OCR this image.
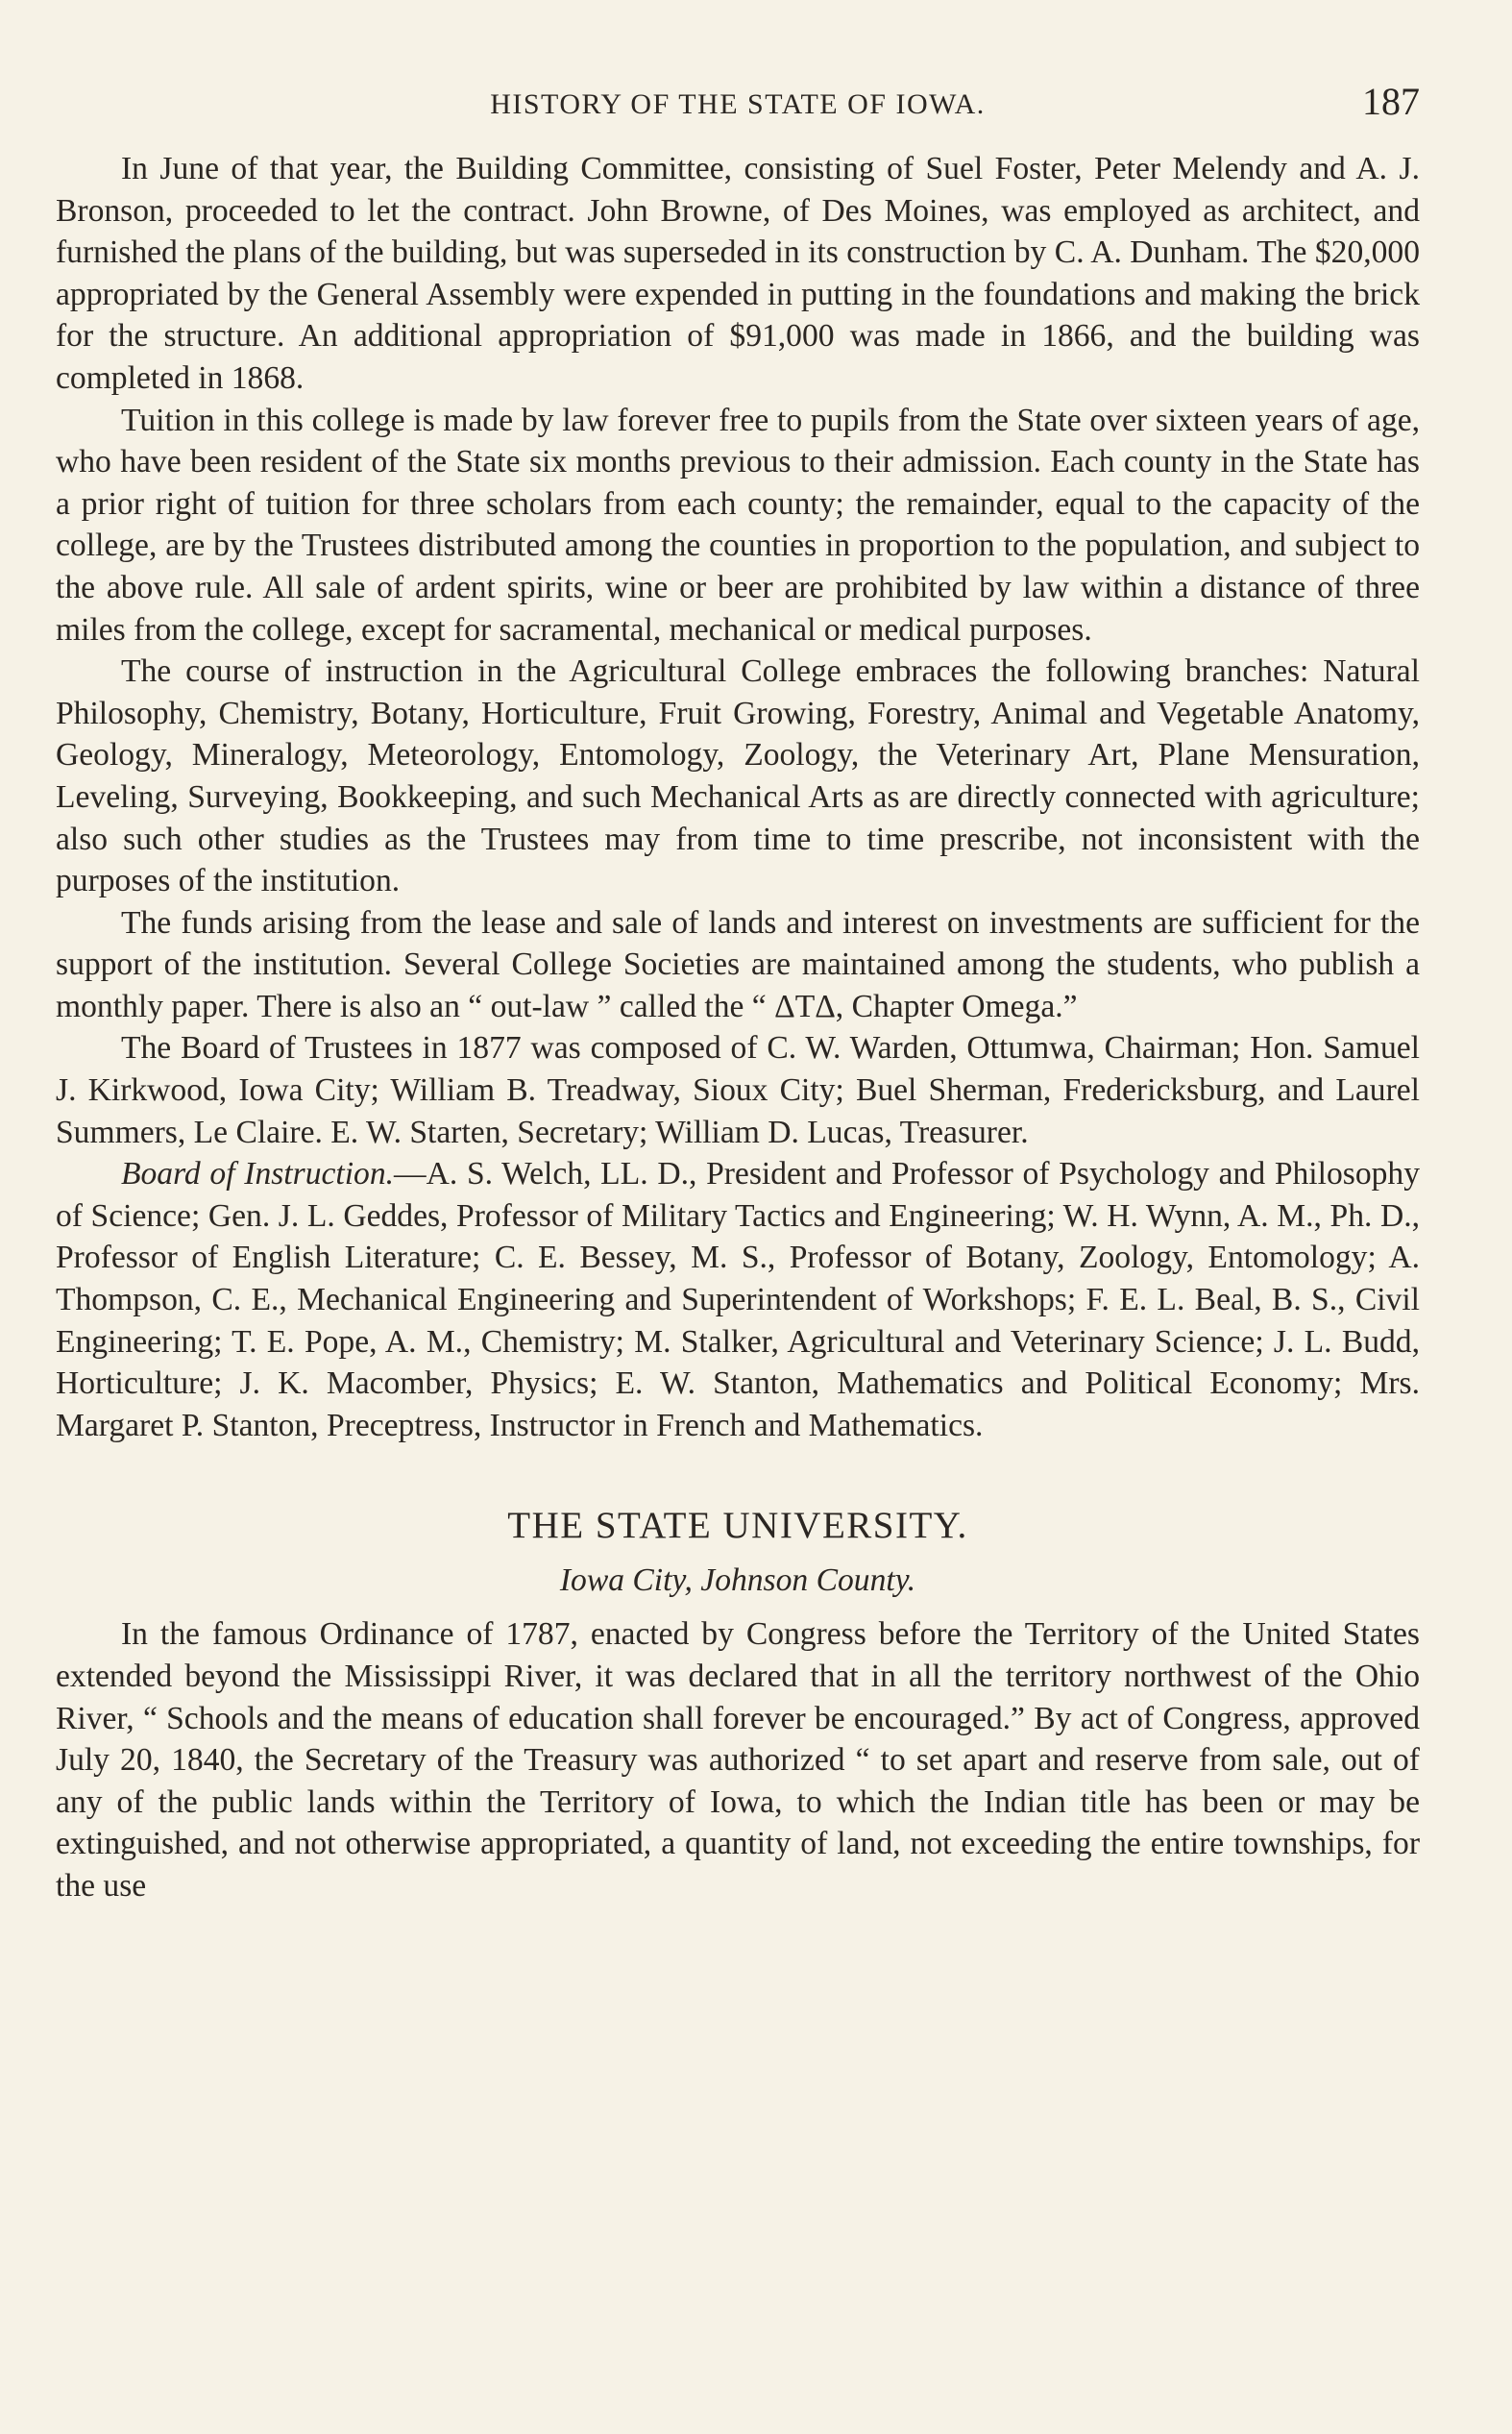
HISTORY OF THE STATE OF IOWA.	187

In June of that year, the Building Committee, consisting of Suel Foster, Peter Melendy and A. J. Bronson, proceeded to let the contract. John Browne, of Des Moines, was employed as architect, and furnished the plans of the building, but was superseded in its construction by C. A. Dunham. The $20,000 appropriated by the General Assembly were expended in putting in the foundations and making the brick for the structure. An additional appropriation of $91,000 was made in 1866, and the building was completed in 1868.

Tuition in this college is made by law forever free to pupils from the State over sixteen years of age, who have been resident of the State six months previous to their admission. Each county in the State has a prior right of tuition for three scholars from each county; the remainder, equal to the capacity of the college, are by the Trustees distributed among the counties in proportion to the population, and subject to the above rule. All sale of ardent spirits, wine or beer are prohibited by law within a distance of three miles from the college, except for sacramental, mechanical or medical purposes.

The course of instruction in the Agricultural College embraces the following branches: Natural Philosophy, Chemistry, Botany, Horticulture, Fruit Growing, Forestry, Animal and Vegetable Anatomy, Geology, Mineralogy, Meteorology, Entomology, Zoology, the Veterinary Art, Plane Mensuration, Leveling, Surveying, Bookkeeping, and such Mechanical Arts as are directly connected with agriculture; also such other studies as the Trustees may from time to time prescribe, not inconsistent with the purposes of the institution.

The funds arising from the lease and sale of lands and interest on investments are sufficient for the support of the institution. Several College Societies are maintained among the students, who publish a monthly paper. There is also an “ out-law ” called the “ ΔTΔ, Chapter Omega.”

The Board of Trustees in 1877 was composed of C. W. Warden, Ottumwa, Chairman; Hon. Samuel J. Kirkwood, Iowa City; William B. Treadway, Sioux City; Buel Sherman, Fredericksburg, and Laurel Summers, Le Claire. E. W. Starten, Secretary; William D. Lucas, Treasurer.

Board of Instruction.—A. S. Welch, LL. D., President and Professor of Psychology and Philosophy of Science; Gen. J. L. Geddes, Professor of Military Tactics and Engineering; W. H. Wynn, A. M., Ph. D., Professor of English Literature; C. E. Bessey, M. S., Professor of Botany, Zoology, Entomology; A. Thompson, C. E., Mechanical Engineering and Superintendent of Workshops; F. E. L. Beal, B. S., Civil Engineering; T. E. Pope, A. M., Chemistry; M. Stalker, Agricultural and Veterinary Science; J. L. Budd, Horticulture; J. K. Macomber, Physics; E. W. Stanton, Mathematics and Political Economy; Mrs. Margaret P. Stanton, Preceptress, Instructor in French and Mathematics.

THE STATE UNIVERSITY.
Iowa City, Johnson County.

In the famous Ordinance of 1787, enacted by Congress before the Territory of the United States extended beyond the Mississippi River, it was declared that in all the territory northwest of the Ohio River, “ Schools and the means of education shall forever be encouraged.” By act of Congress, approved July 20, 1840, the Secretary of the Treasury was authorized “ to set apart and reserve from sale, out of any of the public lands within the Territory of Iowa, to which the Indian title has been or may be extinguished, and not otherwise appropriated, a quantity of land, not exceeding the entire townships, for the use
